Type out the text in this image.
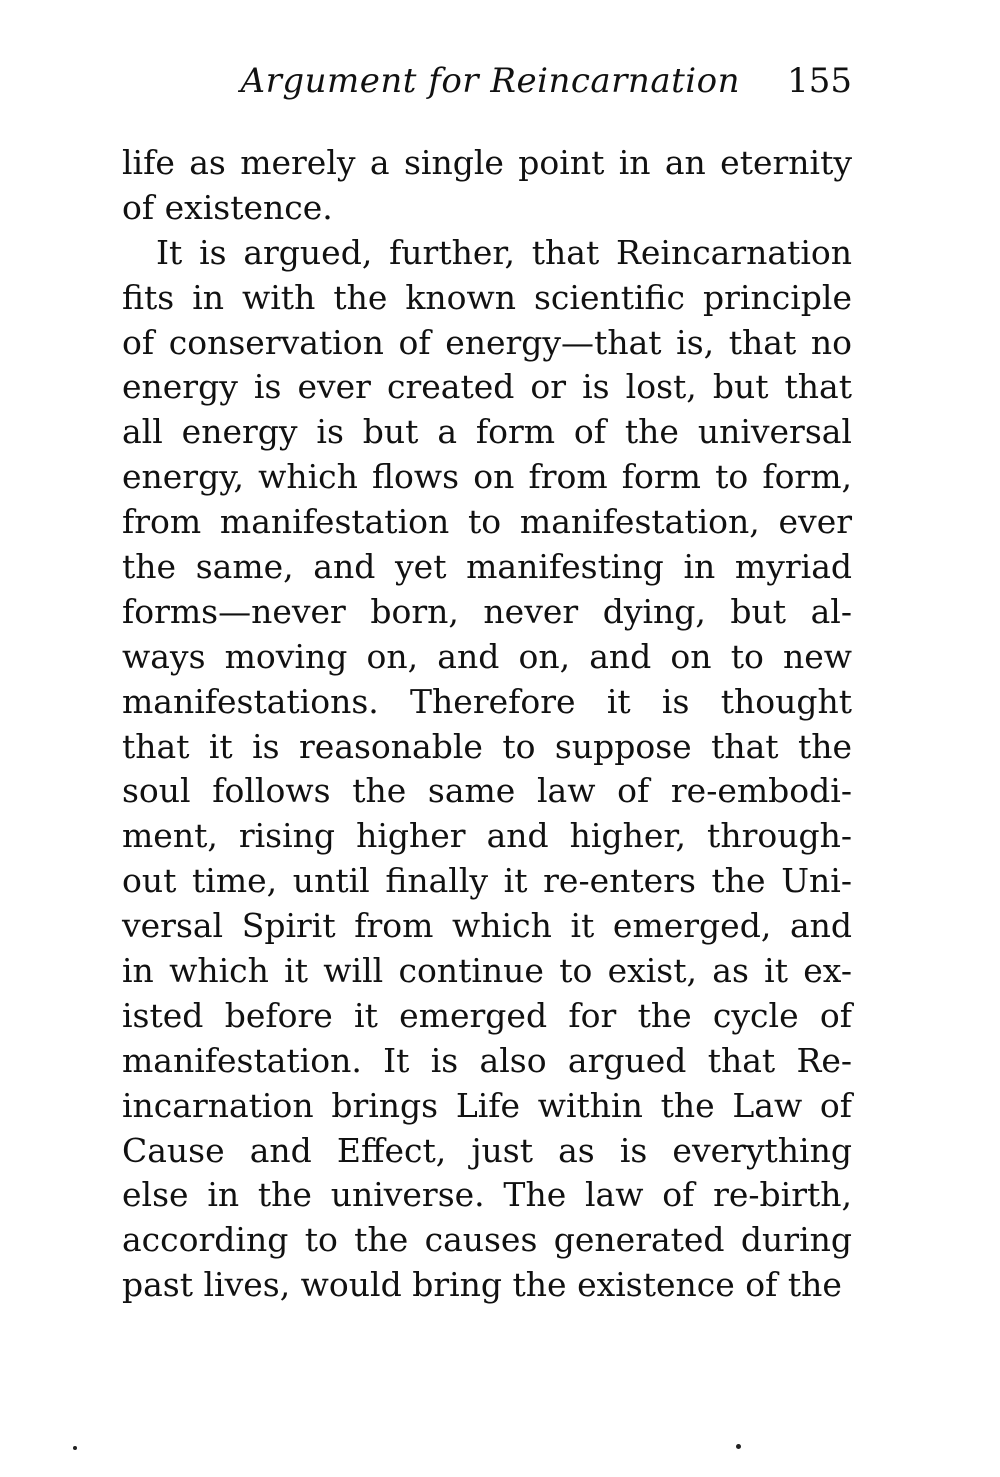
Argument for Reincarnation 155
life as merely a single point in an eternity
of existence.
It is argued, further, that Reincarnation
fits in with the known scientific principle
of conservation of energy—that is, that no
energy is ever created or is lost, but that
all energy is but a form of the universal
energy, which flows on from form to form,
from manifestation to manifestation, ever
the same, and yet manifesting in myriad
forms—never born, never dying, but al-
ways moving on, and on, and on to new
manifestations. Therefore it is thought
that it is reasonable to suppose that the
soul follows the same law of re-embodi-
ment, rising higher and higher, through-
out time, until finally it re-enters the Uni-
versal Spirit from which it emerged, and
in which it will continue to exist, as it ex-
isted before it emerged for the cycle of
manifestation. It is also argued that Re-
incarnation brings Life within the Law of
Cause and Effect, just as is everything
else in the universe. The law of re-birth,
according to the causes generated during
past lives, would bring the existence of the
